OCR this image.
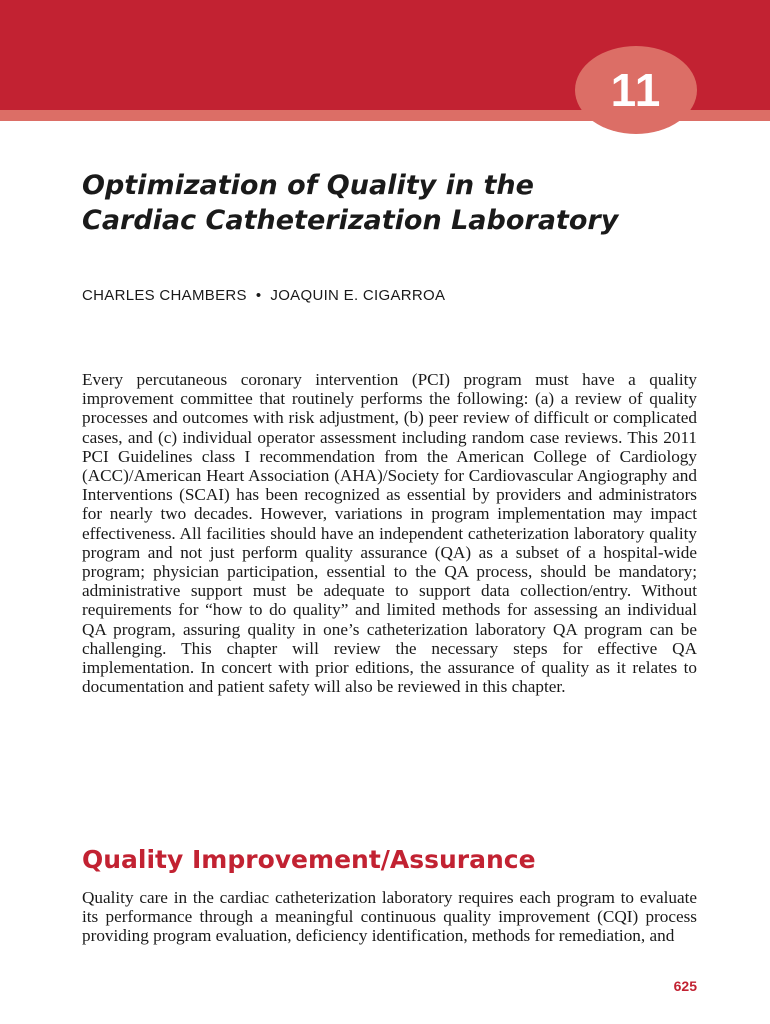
11
Optimization of Quality in the Cardiac Catheterization Laboratory
CHARLES CHAMBERS • JOAQUIN E. CIGARROA

Every percutaneous coronary intervention (PCI) program must have a quality improvement committee that routinely performs the following: (a) a review of quality processes and outcomes with risk adjustment, (b) peer review of difficult or complicated cases, and (c) individual operator assessment including random case reviews. This 2011 PCI Guidelines class I recommendation from the American College of Cardiology (ACC)/American Heart Association (AHA)/Society for Cardiovascular Angiography and Interventions (SCAI) has been recognized as essential by providers and administrators for nearly two decades. However, variations in program implementation may impact effectiveness. All facilities should have an independent catheterization laboratory quality program and not just perform quality assurance (QA) as a subset of a hospital-wide program; physician participation, essential to the QA process, should be mandatory; administrative support must be adequate to support data collection/entry. Without requirements for “how to do quality” and limited methods for assessing an individual QA program, assuring quality in one’s catheterization laboratory QA program can be challenging. This chapter will review the necessary steps for effective QA implementation. In concert with prior editions, the assurance of quality as it relates to documentation and patient safety will also be reviewed in this chapter.

Quality Improvement/Assurance

Quality care in the cardiac catheterization laboratory requires each program to evaluate its performance through a meaningful continuous quality improvement (CQI) process providing program evaluation, deficiency identification, methods for remediation, and

625
